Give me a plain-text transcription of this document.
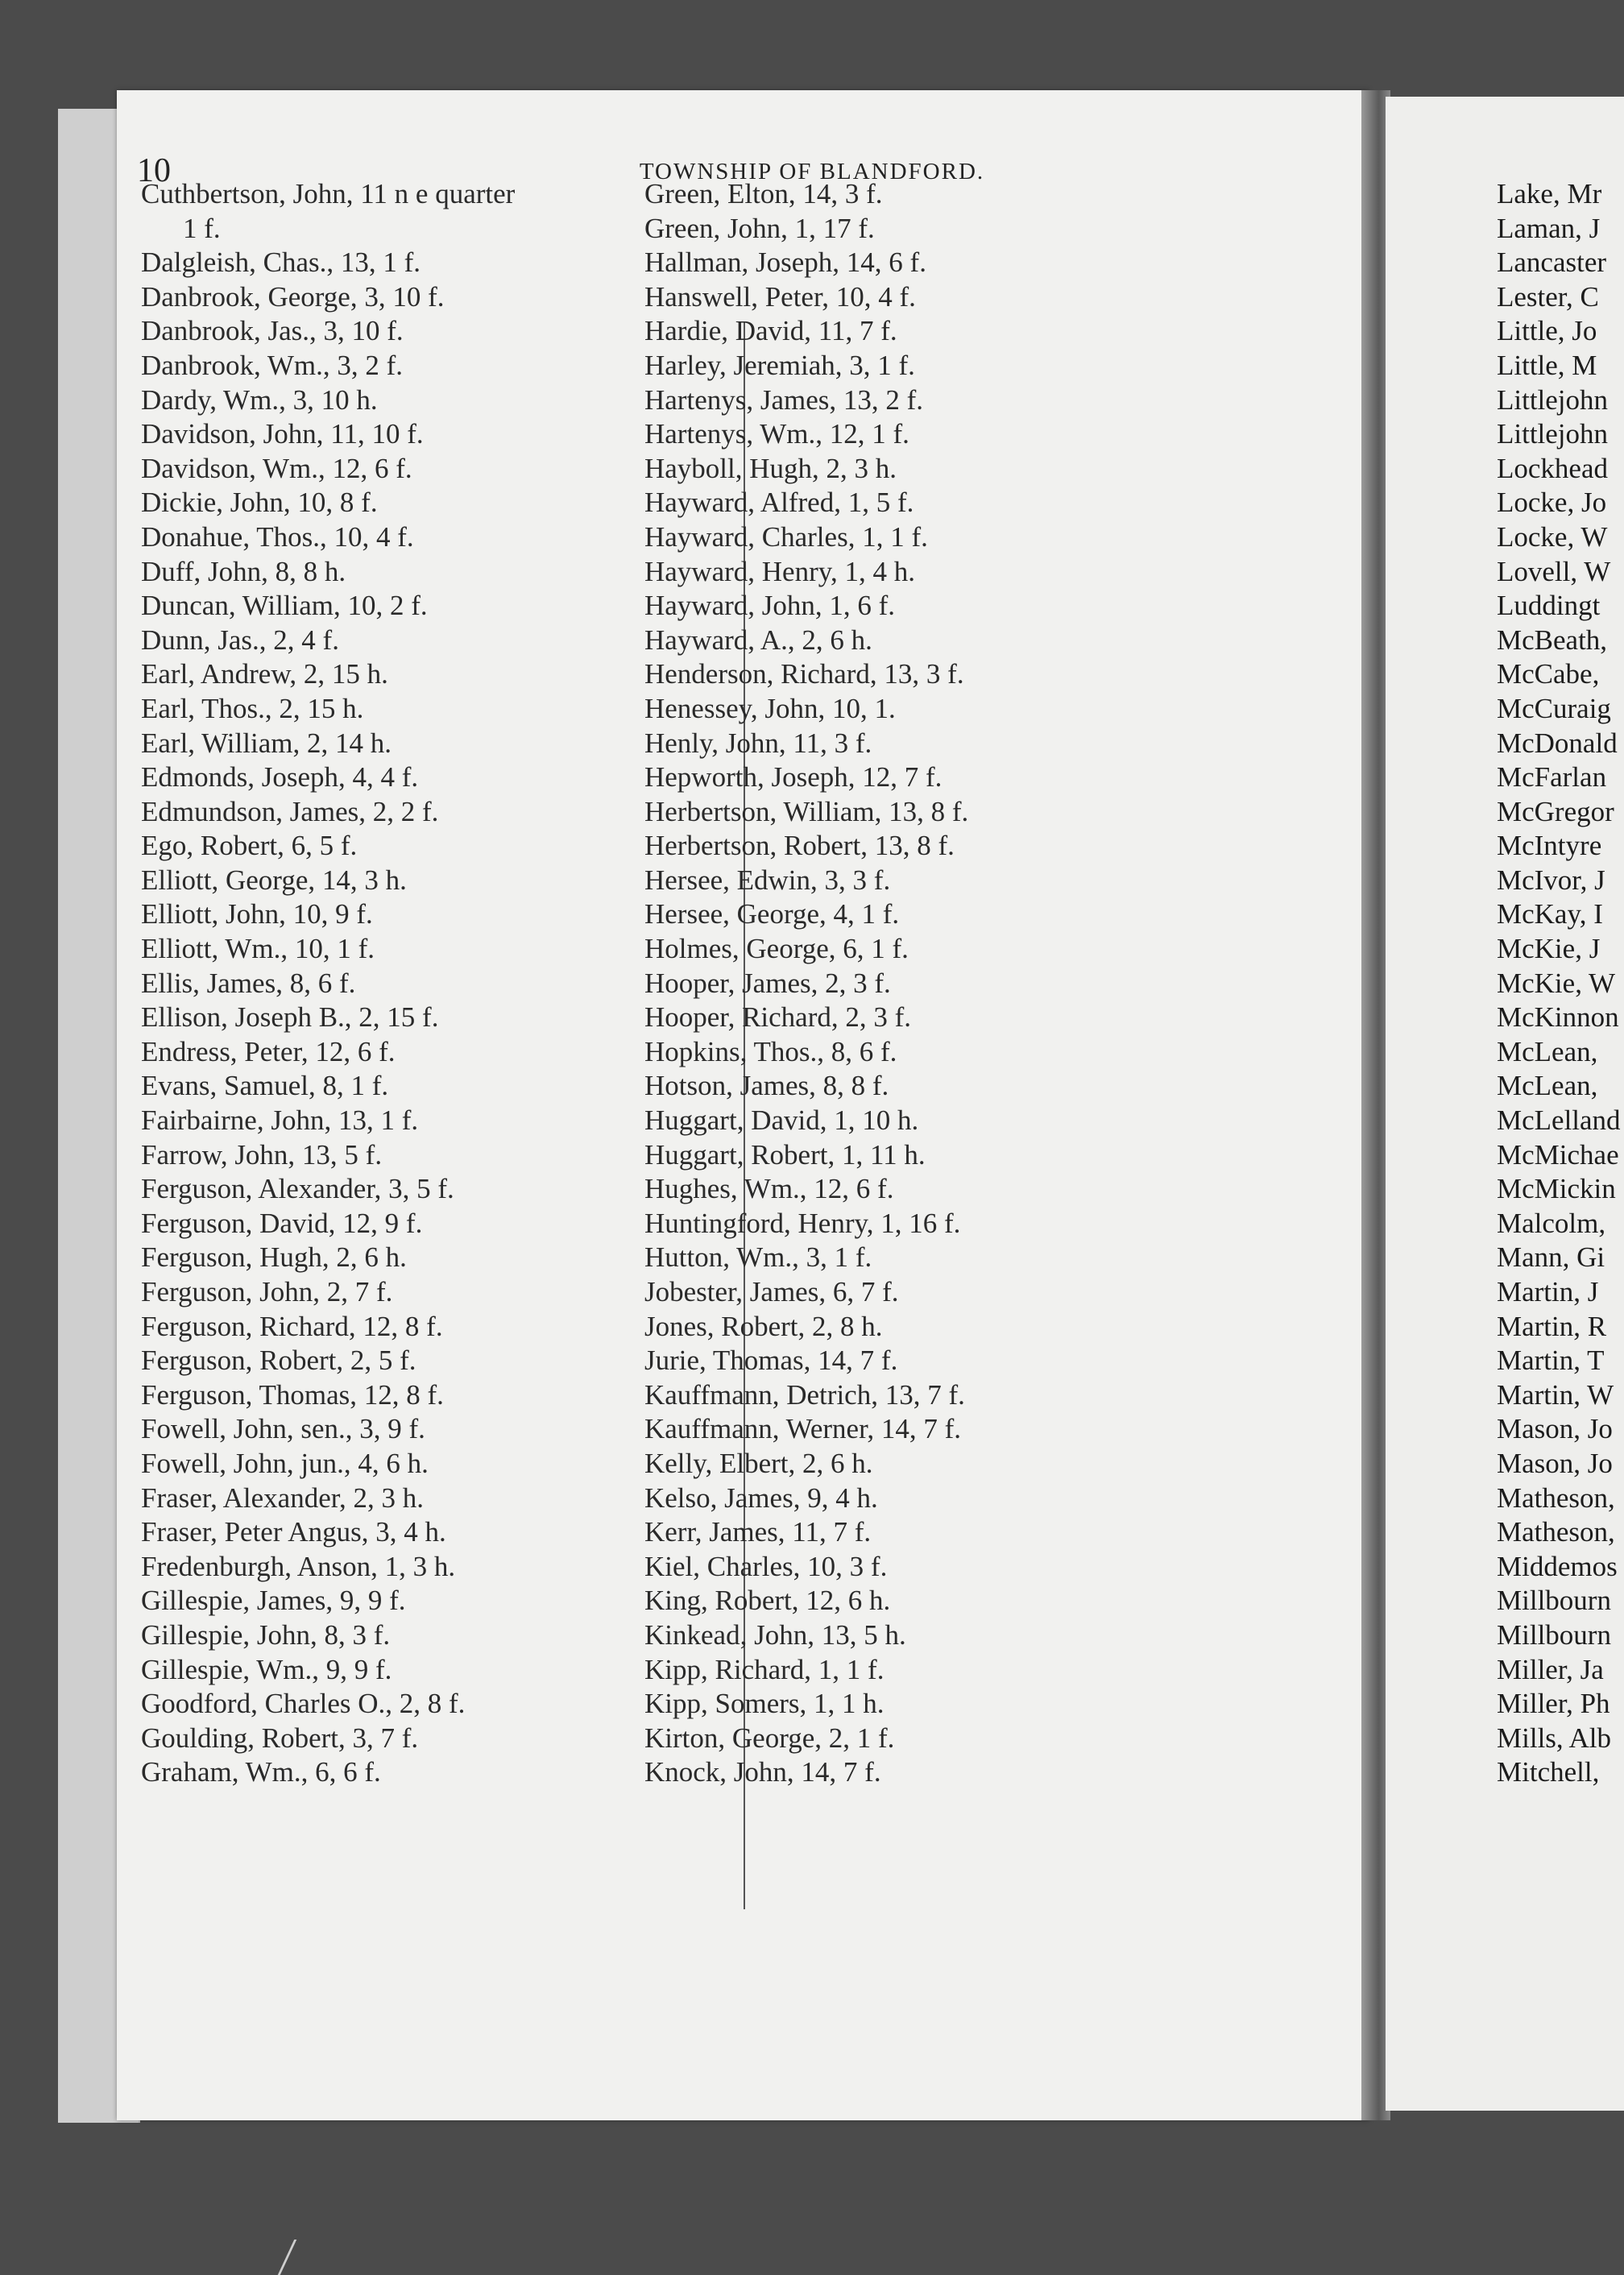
10	TOWNSHIP OF BLANDFORD.
Cuthbertson, John, 11 n e quarter
1 f.
Dalgleish, Chas., 13, 1 f.
Danbrook, George, 3, 10 f.
Danbrook, Jas., 3, 10 f.
Danbrook, Wm., 3, 2 f.
Dardy, Wm., 3, 10 h.
Davidson, John, 11, 10 f.
Davidson, Wm., 12, 6 f.
Dickie, John, 10, 8 f.
Donahue, Thos., 10, 4 f.
Duff, John, 8, 8 h.
Duncan, William, 10, 2 f.
Dunn, Jas., 2, 4 f.
Earl, Andrew, 2, 15 h.
Earl, Thos., 2, 15 h.
Earl, William, 2, 14 h.
Edmonds, Joseph, 4, 4 f.
Edmundson, James, 2, 2 f.
Ego, Robert, 6, 5 f.
Elliott, George, 14, 3 h.
Elliott, John, 10, 9 f.
Elliott, Wm., 10, 1 f.
Ellis, James, 8, 6 f.
Ellison, Joseph B., 2, 15 f.
Endress, Peter, 12, 6 f.
Evans, Samuel, 8, 1 f.
Fairbairne, John, 13, 1 f.
Farrow, John, 13, 5 f.
Ferguson, Alexander, 3, 5 f.
Ferguson, David, 12, 9 f.
Ferguson, Hugh, 2, 6 h.
Ferguson, John, 2, 7 f.
Ferguson, Richard, 12, 8 f.
Ferguson, Robert, 2, 5 f.
Ferguson, Thomas, 12, 8 f.
Fowell, John, sen., 3, 9 f.
Fowell, John, jun., 4, 6 h.
Fraser, Alexander, 2, 3 h.
Fraser, Peter Angus, 3, 4 h.
Fredenburgh, Anson, 1, 3 h.
Gillespie, James, 9, 9 f.
Gillespie, John, 8, 3 f.
Gillespie, Wm., 9, 9 f.
Goodford, Charles O., 2, 8 f.
Goulding, Robert, 3, 7 f.
Graham, Wm., 6, 6 f.
Green, Elton, 14, 3 f.
Green, John, 1, 17 f.
Hallman, Joseph, 14, 6 f.
Hanswell, Peter, 10, 4 f.
Hardie, David, 11, 7 f.
Harley, Jeremiah, 3, 1 f.
Hartenys, James, 13, 2 f.
Hartenys, Wm., 12, 1 f.
Hayboll, Hugh, 2, 3 h.
Hayward, Alfred, 1, 5 f.
Hayward, Charles, 1, 1 f.
Hayward, Henry, 1, 4 h.
Hayward, John, 1, 6 f.
Hayward, A., 2, 6 h.
Henderson, Richard, 13, 3 f.
Henessey, John, 10, 1.
Henly, John, 11, 3 f.
Hepworth, Joseph, 12, 7 f.
Herbertson, William, 13, 8 f.
Herbertson, Robert, 13, 8 f.
Hersee, Edwin, 3, 3 f.
Hersee, George, 4, 1 f.
Holmes, George, 6, 1 f.
Hooper, James, 2, 3 f.
Hooper, Richard, 2, 3 f.
Hopkins, Thos., 8, 6 f.
Hotson, James, 8, 8 f.
Huggart, David, 1, 10 h.
Huggart, Robert, 1, 11 h.
Hughes, Wm., 12, 6 f.
Huntingford, Henry, 1, 16 f.
Hutton, Wm., 3, 1 f.
Jobester, James, 6, 7 f.
Jones, Robert, 2, 8 h.
Jurie, Thomas, 14, 7 f.
Kauffmann, Detrich, 13, 7 f.
Kauffmann, Werner, 14, 7 f.
Kelly, Elbert, 2, 6 h.
Kelso, James, 9, 4 h.
Kerr, James, 11, 7 f.
Kiel, Charles, 10, 3 f.
King, Robert, 12, 6 h.
Kinkead, John, 13, 5 h.
Kipp, Richard, 1, 1 f.
Kipp, Somers, 1, 1 h.
Kirton, George, 2, 1 f.
Knock, John, 14, 7 f.
Lake, Mr
Laman, J
Lancaster
Lester, C
Little, Jo
Little, M
Littlejohn
Littlejohn
Lockhead
Locke, Jo
Locke, W
Lovell, W
Luddingt
McBeath,
McCabe,
McCuraig
McDonald
McFarlan
McGregor
McIntyre
McIvor, J
McKay, I
McKie, J
McKie, W
McKinnon
McLean,
McLean,
McLelland
McMichae
McMickin
Malcolm,
Mann, Gi
Martin, J
Martin, R
Martin, T
Martin, W
Mason, Jo
Mason, Jo
Matheson,
Matheson,
Middemos
Millbourn
Millbourn
Miller, Ja
Miller, Ph
Mills, Alb
Mitchell,
